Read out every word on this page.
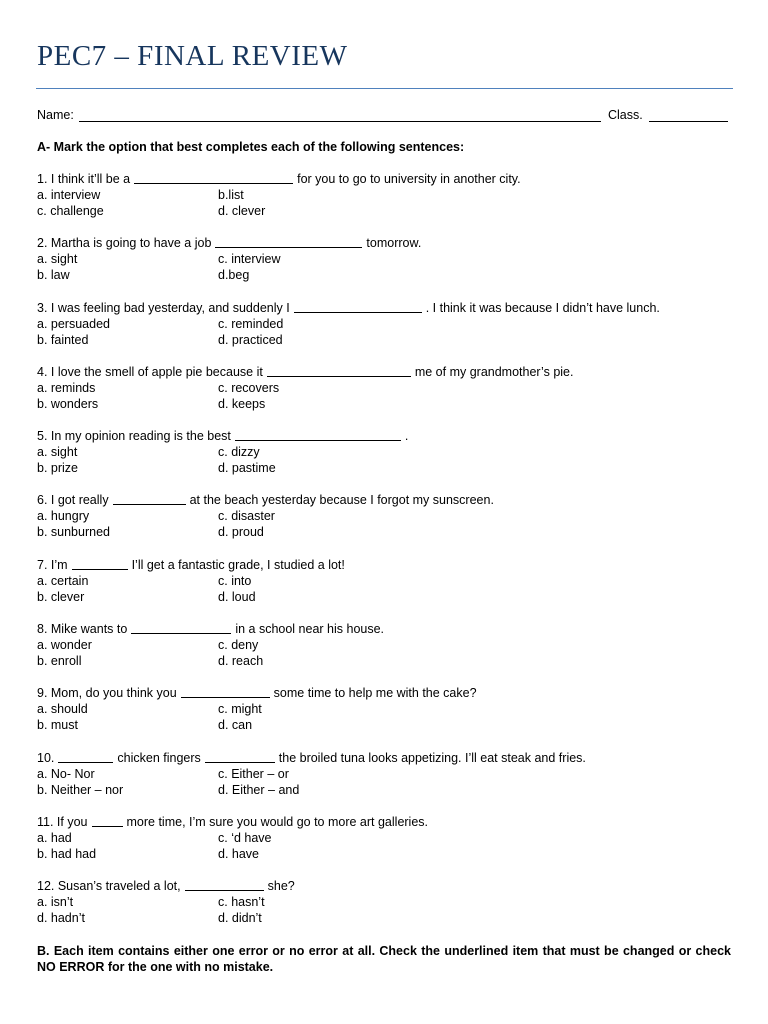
PEC7 – FINAL REVIEW
Name:	Class.

A- Mark the option that best completes each of the following sentences:

1. I think it’ll be a	for you to go to university in another city.
a. interview	b.list
c. challenge	d. clever
2. Martha is going to have a job	tomorrow.
a. sight	c. interview
b. law	d.beg
3. I was feeling bad yesterday, and suddenly I	. I think it was because I didn’t have lunch.
a. persuaded	c. reminded
b. fainted	d. practiced
4. I love the smell of apple pie because it	me of my grandmother’s pie.
a. reminds	c. recovers
b. wonders	d. keeps
5. In my opinion reading is the best	.
a. sight	c. dizzy
b. prize	d. pastime
6. I got really	at the beach yesterday because I forgot my sunscreen.
a. hungry	c. disaster
b. sunburned	d. proud
7. I’m	I’ll get a fantastic grade, I studied a lot!
a. certain	c. into
b. clever	d. loud
8. Mike wants to	in a school near his house.
a. wonder	c. deny
b. enroll	d. reach
9. Mom, do you think you	some time to help me with the cake?
a. should	c. might
b. must	d. can
10.	chicken fingers	the broiled tuna looks appetizing. I’ll eat steak and fries.
a. No- Nor	c. Either – or
b. Neither – nor	d. Either – and
11. If you	more time, I’m sure you would go to more art galleries.
a. had	c. ‘d have
b. had had	d. have
12. Susan’s traveled a lot,	she?
a. isn’t	c. hasn’t
d. hadn’t	d. didn’t

B. Each item contains either one error or no error at all. Check the underlined item that must be changed or check NO ERROR for the one with no mistake.
